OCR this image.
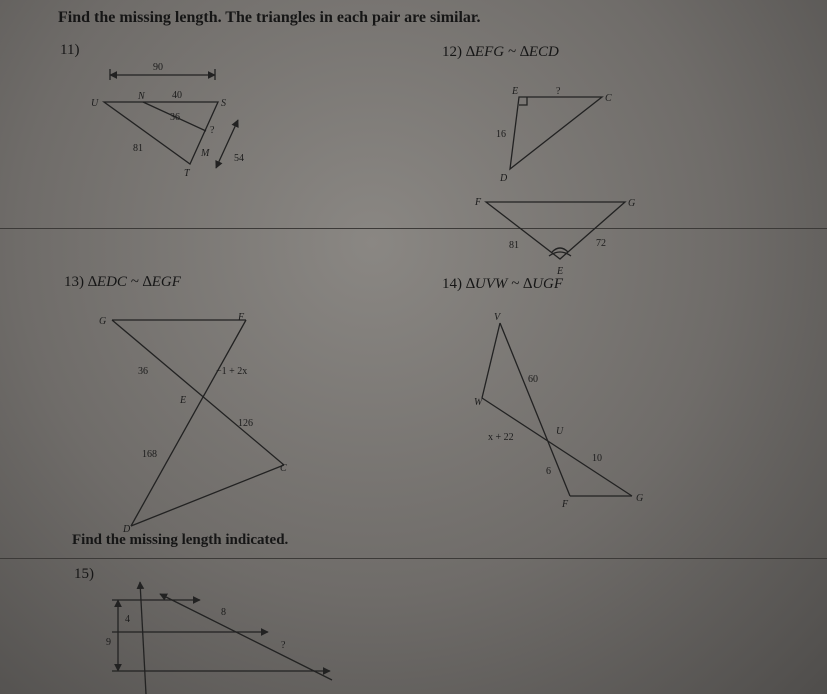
Find the missing length. The triangles in each pair are similar.
11)	12) ∆EFG ~ ∆ECD
13) ∆EDC ~ ∆EGF	14) ∆UVW ~ ∆UGF
Find the missing length indicated.
15)
90
U
N
S
M
T
40
36
81
?
54
E	?
C
16
D
F	G
81	72
E
G	F
36	−1 + 2x
E
126
168
C
D
V
60
W
x + 22
U
10
6
F
G
4
9
8
?
